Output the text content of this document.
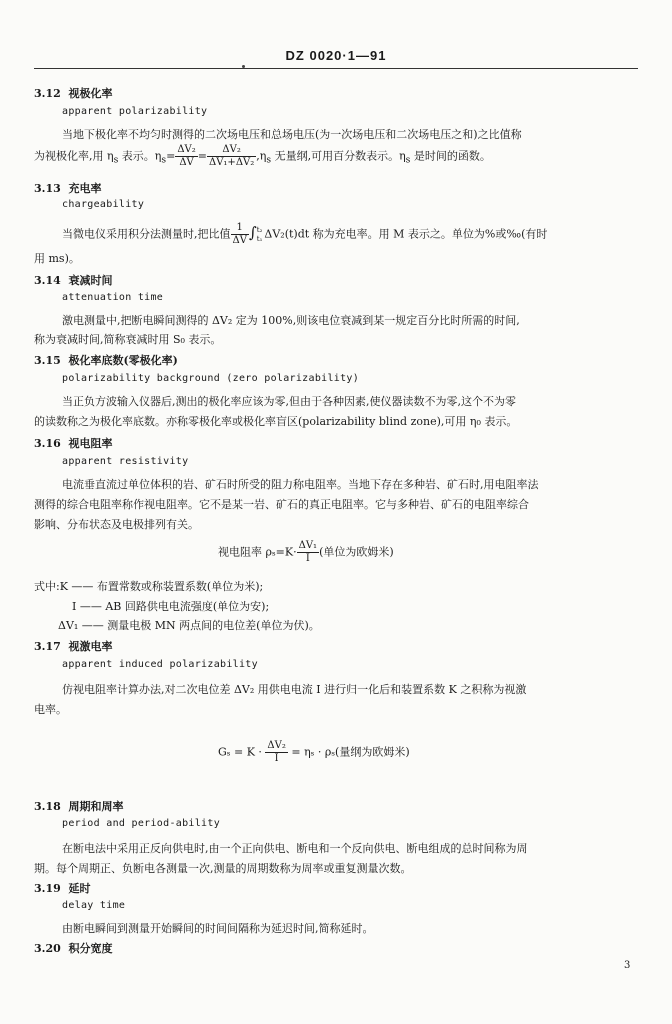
DZ 0020·1—91
3.12 视极化率
apparent polarizability
当地下极化率不均匀时测得的二次场电压和总场电压(为一次场电压和二次场电压之和)之比值称
为视极化率,用 $\eta_s$ 表示。$\eta_s= \frac{\text{ΔV₂}}{\Delta V} = \frac{\text{ΔV₂}}{\text{ΔV₁+ΔV₂}} ,\eta_s$ 无量纲,可用百分数表示。$\eta_s$ 是时间的函数。
3.13 充电率
chargeability
当微电仪采用积分法测量时,把比值 $\frac{1}{\Delta V}$ ∫ t₂
t₁ ΔV₂(t)dt 称为充电率。用 M 表示之。单位为%或‰(有时
用 ms)。
3.14 衰减时间
attenuation time
激电测量中,把断电瞬间测得的 ΔV₂ 定为 100%,则该电位衰减到某一规定百分比时所需的时间,
称为衰减时间,简称衰减时用 S₀ 表示。
3.15 极化率底数(零极化率)
polarizability background (zero polarizability)
当正负方波输入仪器后,测出的极化率应该为零,但由于各种因素,使仪器读数不为零,这个不为零
的读数称之为极化率底数。亦称零极化率或极化率盲区(polarizability blind zone),可用 η₀ 表示。
3.16 视电阻率
apparent resistivity
电流垂直流过单位体积的岩、矿石时所受的阻力称电阻率。当地下存在多种岩、矿石时,用电阻率法
测得的综合电阻率称作视电阻率。它不是某一岩、矿石的真正电阻率。它与多种岩、矿石的电阻率综合
影响、分布状态及电极排列有关。
视电阻率 $\rho_s=K\cdot \frac{\text{ΔV₁}}{I}$ (单位为欧姆米)
式中:K —— 布置常数或称装置系数(单位为米);
I —— AB 回路供电电流强度(单位为安);
ΔV₁ —— 测量电极 MN 两点间的电位差(单位为伏)。
3.17 视激电率
apparent induced polarizability
仿视电阻率计算办法,对二次电位差 ΔV₂ 用供电电流 I 进行归一化后和装置系数 K 之积称为视激
电率。
$G_s = K \cdot \frac{\text{ΔV₂}}{I} = \eta_s \cdot \rho_s$(量纲为欧姆米)
3.18 周期和周率
period and period-ability
在断电法中采用正反向供电时,由一个正向供电、断电和一个反向供电、断电组成的总时间称为周
期。每个周期正、负断电各测量一次,测量的周期数称为周率或重复测量次数。
3.19 延时
delay time
由断电瞬间到测量开始瞬间的时间间隔称为延迟时间,简称延时。
3.20 积分宽度
3
